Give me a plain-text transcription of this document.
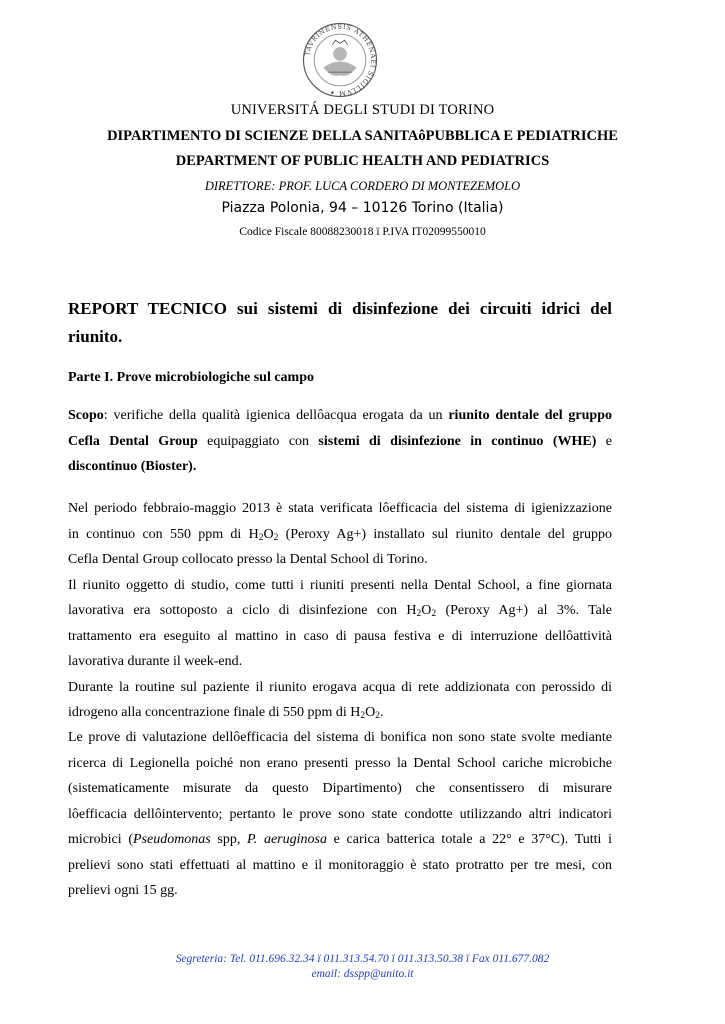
TAVRINENSIS ATHENAEI SIGILLVM ✦
UNIVERSITÁ DEGLI STUDI DI TORINO
DIPARTIMENTO DI SCIENZE DELLA SANITAôPUBBLICA E PEDIATRICHE
DEPARTMENT OF PUBLIC HEALTH AND PEDIATRICS
DIRETTORE: PROF. LUCA CORDERO DI MONTEZEMOLO
Piazza Polonia, 94 – 10126 Torino (Italia)
Codice Fiscale 80088230018 ï P.IVA IT02099550010
REPORT TECNICO sui sistemi di disinfezione dei circuiti idrici del riunito.
Parte I. Prove microbiologiche sul campo
Scopo: verifiche della qualità igienica dellôacqua erogata da un riunito dentale del gruppo
Cefla Dental Group equipaggiato con sistemi di disinfezione in continuo (WHE) e
discontinuo (Bioster).
Nel periodo febbraio-maggio 2013 è stata verificata lôefficacia del sistema di igienizzazione
in continuo con 550 ppm di $H_2O_2$ (Peroxy Ag+) installato sul riunito dentale del gruppo
Cefla Dental Group collocato presso la Dental School di Torino.
Il riunito oggetto di studio, come tutti i riuniti presenti nella Dental School, a fine giornata
lavorativa era sottoposto a ciclo di disinfezione con $H_2O_2$ (Peroxy Ag+) al 3%. Tale
trattamento era eseguito al mattino in caso di pausa festiva e di interruzione dellôattività
lavorativa durante il week-end.
Durante la routine sul paziente il riunito erogava acqua di rete addizionata con perossido di
idrogeno alla concentrazione finale di 550 ppm di $H_2O_2$.
Le prove di valutazione dellôefficacia del sistema di bonifica non sono state svolte mediante
ricerca di Legionella poiché non erano presenti presso la Dental School cariche microbiche
(sistematicamente misurate da questo Dipartimento) che consentissero di misurare
lôefficacia dellôintervento; pertanto le prove sono state condotte utilizzando altri indicatori
microbici (Pseudomonas spp, P. aeruginosa e carica batterica totale a 22° e 37°C). Tutti i
prelievi sono stati effettuati al mattino e il monitoraggio è stato protratto per tre mesi, con
prelievi ogni 15 gg.
Segreteria: Tel. 011.696.32.34 ï 011.313.54.70 ï 011.313.50.38 ï Fax 011.677.082
email: dsspp@unito.it
